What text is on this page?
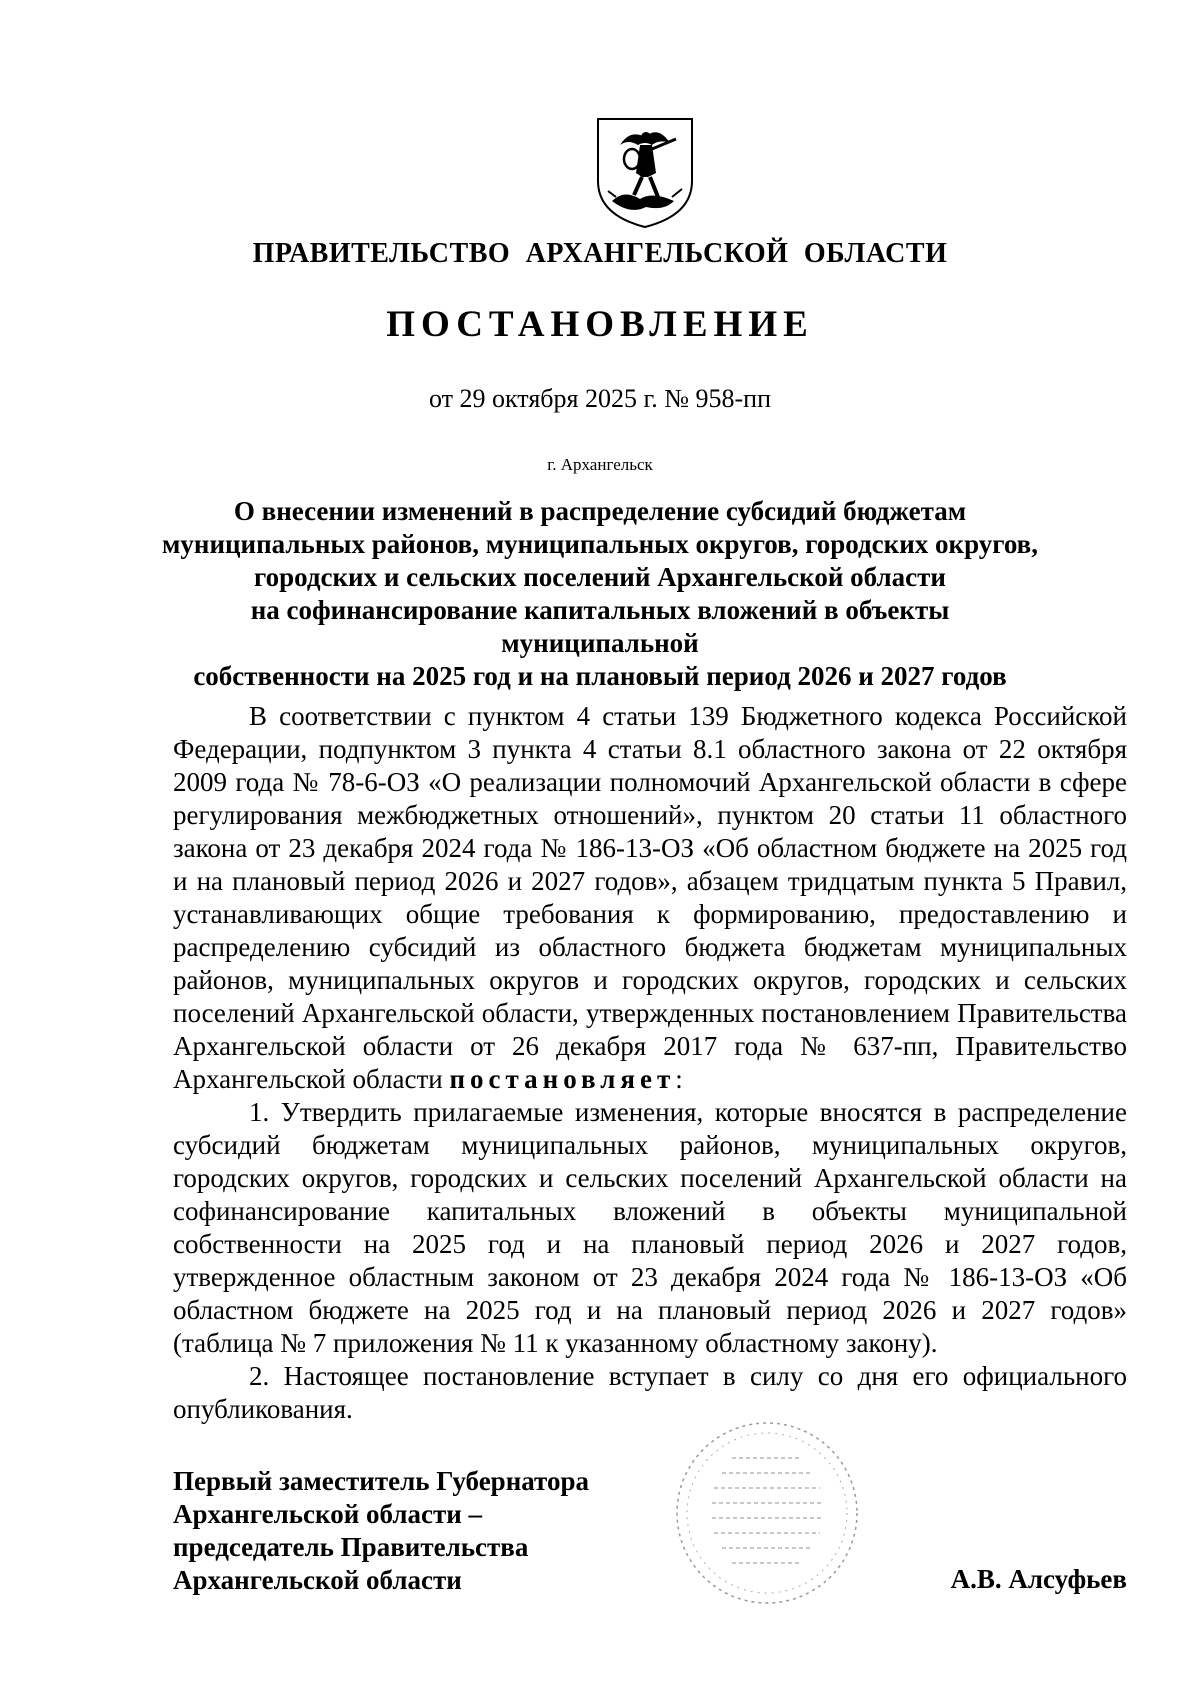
ПРАВИТЕЛЬСТВО АРХАНГЕЛЬСКОЙ ОБЛАСТИ
ПОСТАНОВЛЕНИЕ
от 29 октября 2025 г. № 958-пп
г. Архангельск
О внесении изменений в распределение субсидий бюджетам
муниципальных районов, муниципальных округов, городских округов,
городских и сельских поселений Архангельской области
на софинансирование капитальных вложений в объекты муниципальной
собственности на 2025 год и на плановый период 2026 и 2027 годов

В соответствии с пунктом 4 статьи 139 Бюджетного кодекса Российской Федерации, подпунктом 3 пункта 4 статьи 8.1 областного закона от 22 октября 2009 года № 78-6-ОЗ «О реализации полномочий Архангельской области в сфере регулирования межбюджетных отношений», пунктом 20 статьи 11 областного закона от 23 декабря 2024 года № 186-13-ОЗ «Об областном бюджете на 2025 год и на плановый период 2026 и 2027 годов», абзацем тридцатым пункта 5 Правил, устанавливающих общие требования к формированию, предоставлению и распределению субсидий из областного бюджета бюджетам муниципальных районов, муниципальных округов и городских округов, городских и сельских поселений Архангельской области, утвержденных постановлением Правительства Архангельской области от 26 декабря 2017 года № 637-пп, Правительство Архангельской области постановляет:

1. Утвердить прилагаемые изменения, которые вносятся в распределение субсидий бюджетам муниципальных районов, муниципальных округов, городских округов, городских и сельских поселений Архангельской области на софинансирование капитальных вложений в объекты муниципальной собственности на 2025 год и на плановый период 2026 и 2027 годов, утвержденное областным законом от 23 декабря 2024 года № 186-13-ОЗ «Об областном бюджете на 2025 год и на плановый период 2026 и 2027 годов» (таблица № 7 приложения № 11 к указанному областному закону).

2. Настоящее постановление вступает в силу со дня его официального опубликования.

Первый заместитель Губернатора
Архангельской области –
председатель Правительства
Архангельской области	А.В. Алсуфьев
